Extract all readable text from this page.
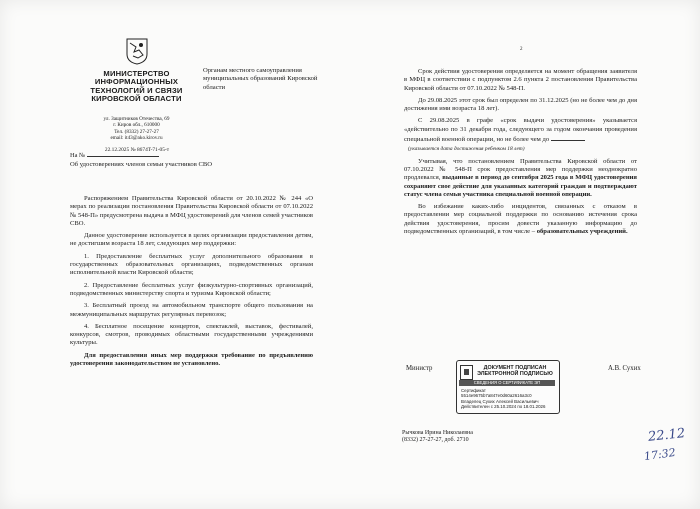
МИНИСТЕРСТВО ИНФОРМАЦИОННЫХ ТЕХНОЛОГИЙ И СВЯЗИ КИРОВСКОЙ ОБЛАСТИ
ул. Защитников Отечества, 69
г. Киров обл., 610000
Тел. (8332) 27-27-27
email: it43@ako.kirov.ru
22.12.2025 № 8674T-71-05-т
На №
Об удостоверениях членов семьи участников СВО
Органам местного самоуправления муниципальных образований Кировской области
2

Распоряжением Правительства Кировской области от 20.10.2022 № 244 «О мерах по реализации постановления Правительства Кировской области от 07.10.2022 № 548-П» предусмотрена выдача в МФЦ удостоверений для членов семей участников СВО.

Данное удостоверение используется в целях организации предоставления детям, не достигшим возраста 18 лет, следующих мер поддержки:

1. Предоставление бесплатных услуг дополнительного образования в государственных образовательных организациях, подведомственных органам исполнительной власти Кировской области;

2. Предоставление бесплатных услуг физкультурно-спортивных организаций, подведомственных министерству спорта и туризма Кировской области;

3. Бесплатный проезд на автомобильном транспорте общего пользования на межмуниципальных маршрутах регулярных перевозок;

4. Бесплатное посещение концертов, спектаклей, выставок, фестивалей, конкурсов, смотров, проводимых областными государственными учреждениями культуры.

Для предоставления иных мер поддержки требование по предъявлению удостоверения законодательством не установлено.

Срок действия удостоверения определяется на момент обращения заявителя в МФЦ в соответствии с подпунктом 2.6 пункта 2 постановления Правительства Кировской области от 07.10.2022 № 548-П.

До 29.08.2025 этот срок был определен по 31.12.2025 (но не более чем до дня достижения ими возраста 18 лет).

С 29.08.2025 в графе «срок выдачи удостоверения» указывается «действительно по 31 декабря года, следующего за годом окончания проведения специальной военной операции, но не более чем до

(указывается дата достижения ребенком 18 лет)

Учитывая, что постановлением Правительства Кировской области от 07.10.2022 № 548-П срок предоставления мер поддержки неоднократно продлевался, выданные в период до сентября 2025 года в МФЦ удостоверения сохраняют свое действие для указанных категорий граждан и подтверждают статус члена семьи участника специальной военной операции.

Во избежание каких-либо инцидентов, связанных с отказом в предоставлении мер социальной поддержки по основанию истечения срока действия удостоверения, просим довести указанную информацию до подведомственных организаций, в том числе – образовательных учреждений.

Министр	А.В. Сухих
ДОКУМЕНТ ПОДПИСАН ЭЛЕКТРОННОЙ ПОДПИСЬЮ
СВЕДЕНИЯ О СЕРТИФИКАТЕ ЭП
Сертификат 5514e9675b7a847e0d60a2616a3c0
Владелец Сухих Алексей Васильевич
Действителен с 25.10.2024 по 18.01.2026
Рычкова Ирина Николаевна
(8332) 27-27-27, доб. 2710	22.12
17:32
